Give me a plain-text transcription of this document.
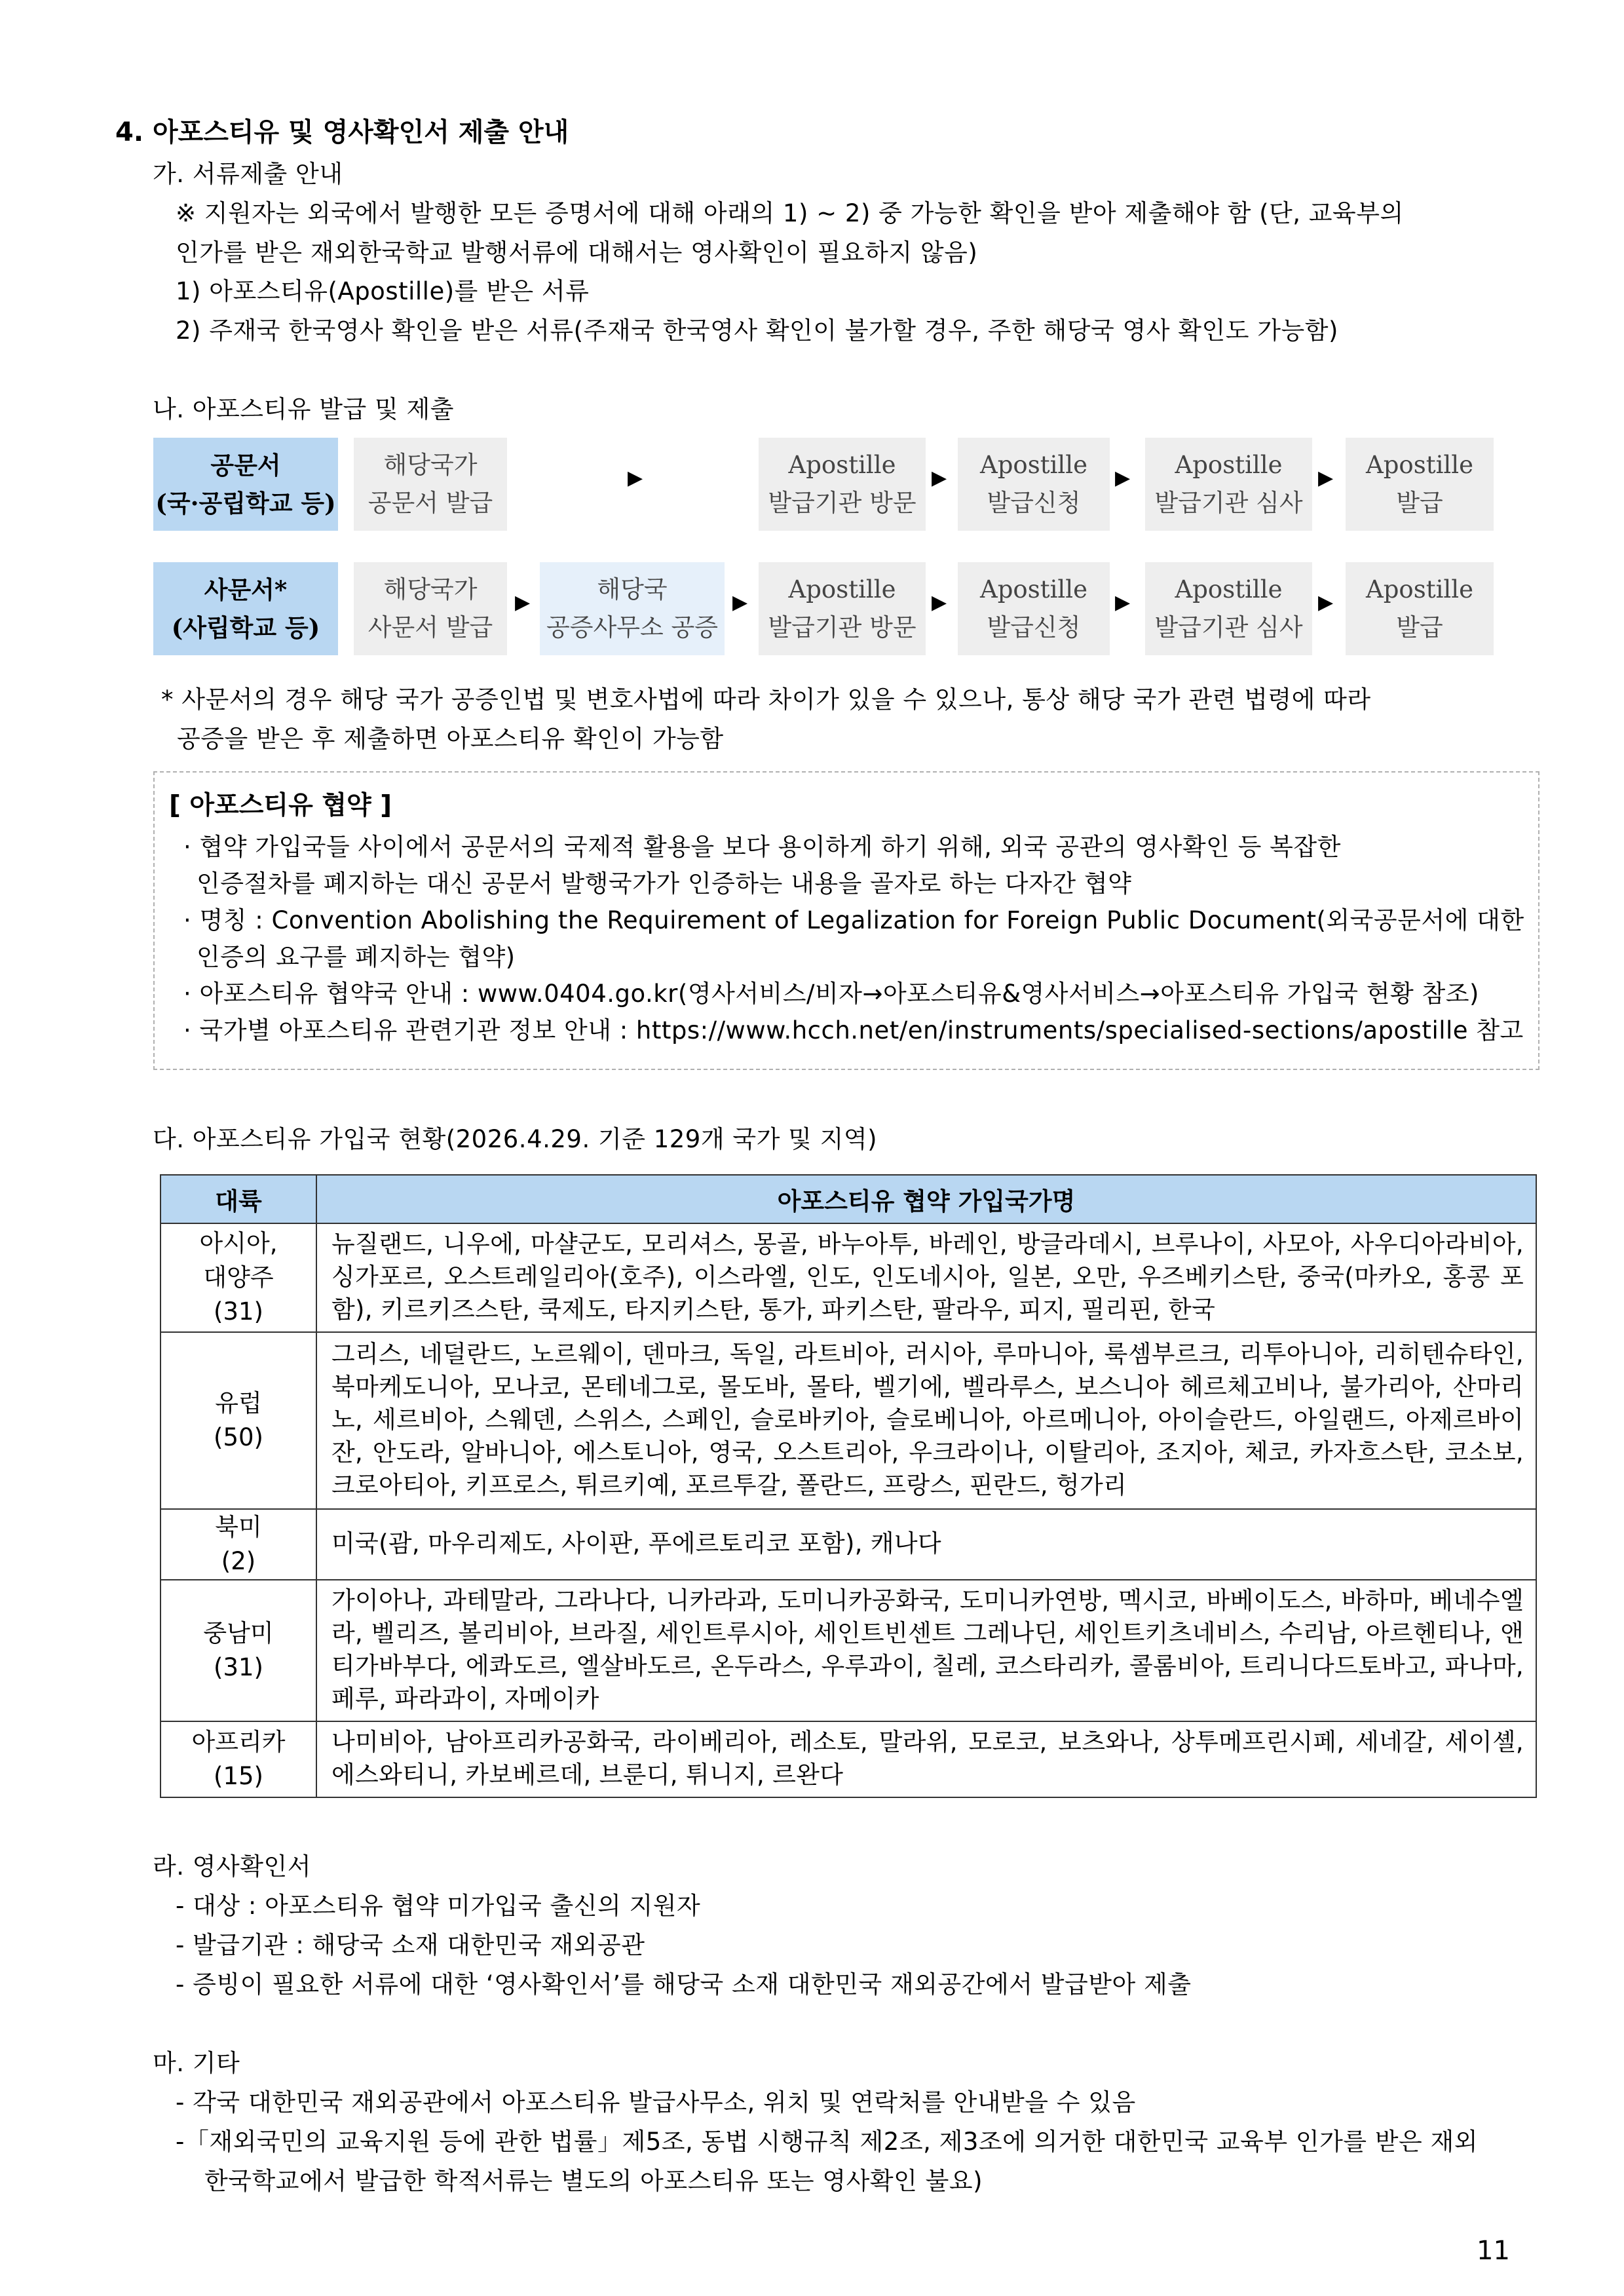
4. 아포스티유 및 영사확인서 제출 안내
가. 서류제출 안내
※ 지원자는 외국에서 발행한 모든 증명서에 대해 아래의 1) ~ 2) 중 가능한 확인을 받아 제출해야 함 (단, 교육부의
인가를 받은 재외한국학교 발행서류에 대해서는 영사확인이 필요하지 않음)
1) 아포스티유(Apostille)를 받은 서류
2) 주재국 한국영사 확인을 받은 서류(주재국 한국영사 확인이 불가할 경우, 주한 해당국 영사 확인도 가능함)
나. 아포스티유 발급 및 제출
공문서
(국·공립학교 등)
해당국가
공문서 발급
▶	Apostille
발급기관 방문
▶ Apostille
발급신청
▶ Apostille
발급기관 심사
▶ Apostille
발급
사문서*
(사립학교 등)
해당국가
사문서 발급
▶	해당국
공증사무소 공증
▶ Apostille
발급기관 방문
▶ Apostille
발급신청
▶ Apostille
발급기관 심사
▶ Apostille
발급
* 사문서의 경우 해당 국가 공증인법 및 변호사법에 따라 차이가 있을 수 있으나, 통상 해당 국가 관련 법령에 따라
공증을 받은 후 제출하면 아포스티유 확인이 가능함
[ 아포스티유 협약 ]
· 협약 가입국들 사이에서 공문서의 국제적 활용을 보다 용이하게 하기 위해, 외국 공관의 영사확인 등 복잡한
인증절차를 폐지하는 대신 공문서 발행국가가 인증하는 내용을 골자로 하는 다자간 협약
· 명칭 : Convention Abolishing the Requirement of Legalization for Foreign Public Document(외국공문서에 대한
인증의 요구를 폐지하는 협약)
· 아포스티유 협약국 안내 : www.0404.go.kr(영사서비스/비자→아포스티유&영사서비스→아포스티유 가입국 현황 참조)
· 국가별 아포스티유 관련기관 정보 안내 : https://www.hcch.net/en/instruments/specialised-sections/apostille 참고
다. 아포스티유 가입국 현황(2026.4.29. 기준 129개 국가 및 지역)
대륙	아포스티유 협약 가입국가명

아시아,
대양주
(31)	뉴질랜드, 니우에, 마샬군도, 모리셔스, 몽골, 바누아투, 바레인, 방글라데시, 브루나이, 사모아, 사우디아라비아, 싱가포르, 오스트레일리아(호주), 이스라엘, 인도, 인도네시아, 일본, 오만, 우즈베키스탄, 중국(마카오, 홍콩 포함), 키르키즈스탄, 쿡제도, 타지키스탄, 통가, 파키스탄, 팔라우, 피지, 필리핀, 한국

유럽
(50)	그리스, 네덜란드, 노르웨이, 덴마크, 독일, 라트비아, 러시아, 루마니아, 룩셈부르크, 리투아니아, 리히텐슈타인, 북마케도니아, 모나코, 몬테네그로, 몰도바, 몰타, 벨기에, 벨라루스, 보스니아 헤르체고비나, 불가리아, 산마리노, 세르비아, 스웨덴, 스위스, 스페인, 슬로바키아, 슬로베니아, 아르메니아, 아이슬란드, 아일랜드, 아제르바이잔, 안도라, 알바니아, 에스토니아, 영국, 오스트리아, 우크라이나, 이탈리아, 조지아, 체코, 카자흐스탄, 코소보, 크로아티아, 키프로스, 튀르키예, 포르투갈, 폴란드, 프랑스, 핀란드, 헝가리

북미
(2)	미국(괌, 마우리제도, 사이판, 푸에르토리코 포함), 캐나다

중남미
(31)	가이아나, 과테말라, 그라나다, 니카라과, 도미니카공화국, 도미니카연방, 멕시코, 바베이도스, 바하마, 베네수엘라, 벨리즈, 볼리비아, 브라질, 세인트루시아, 세인트빈센트 그레나딘, 세인트키츠네비스, 수리남, 아르헨티나, 앤티가바부다, 에콰도르, 엘살바도르, 온두라스, 우루과이, 칠레, 코스타리카, 콜롬비아, 트리니다드토바고, 파나마, 페루, 파라과이, 자메이카

아프리카
(15)	나미비아, 남아프리카공화국, 라이베리아, 레소토, 말라위, 모로코, 보츠와나, 상투메프린시페, 세네갈, 세이셸, 에스와티니, 카보베르데, 브룬디, 튀니지, 르완다
라. 영사확인서
- 대상 : 아포스티유 협약 미가입국 출신의 지원자
- 발급기관 : 해당국 소재 대한민국 재외공관
- 증빙이 필요한 서류에 대한 ‘영사확인서’를 해당국 소재 대한민국 재외공간에서 발급받아 제출
마. 기타
- 각국 대한민국 재외공관에서 아포스티유 발급사무소, 위치 및 연락처를 안내받을 수 있음
-「재외국민의 교육지원 등에 관한 법률」제5조, 동법 시행규칙 제2조, 제3조에 의거한 대한민국 교육부 인가를 받은 재외
한국학교에서 발급한 학적서류는 별도의 아포스티유 또는 영사확인 불요)
11
